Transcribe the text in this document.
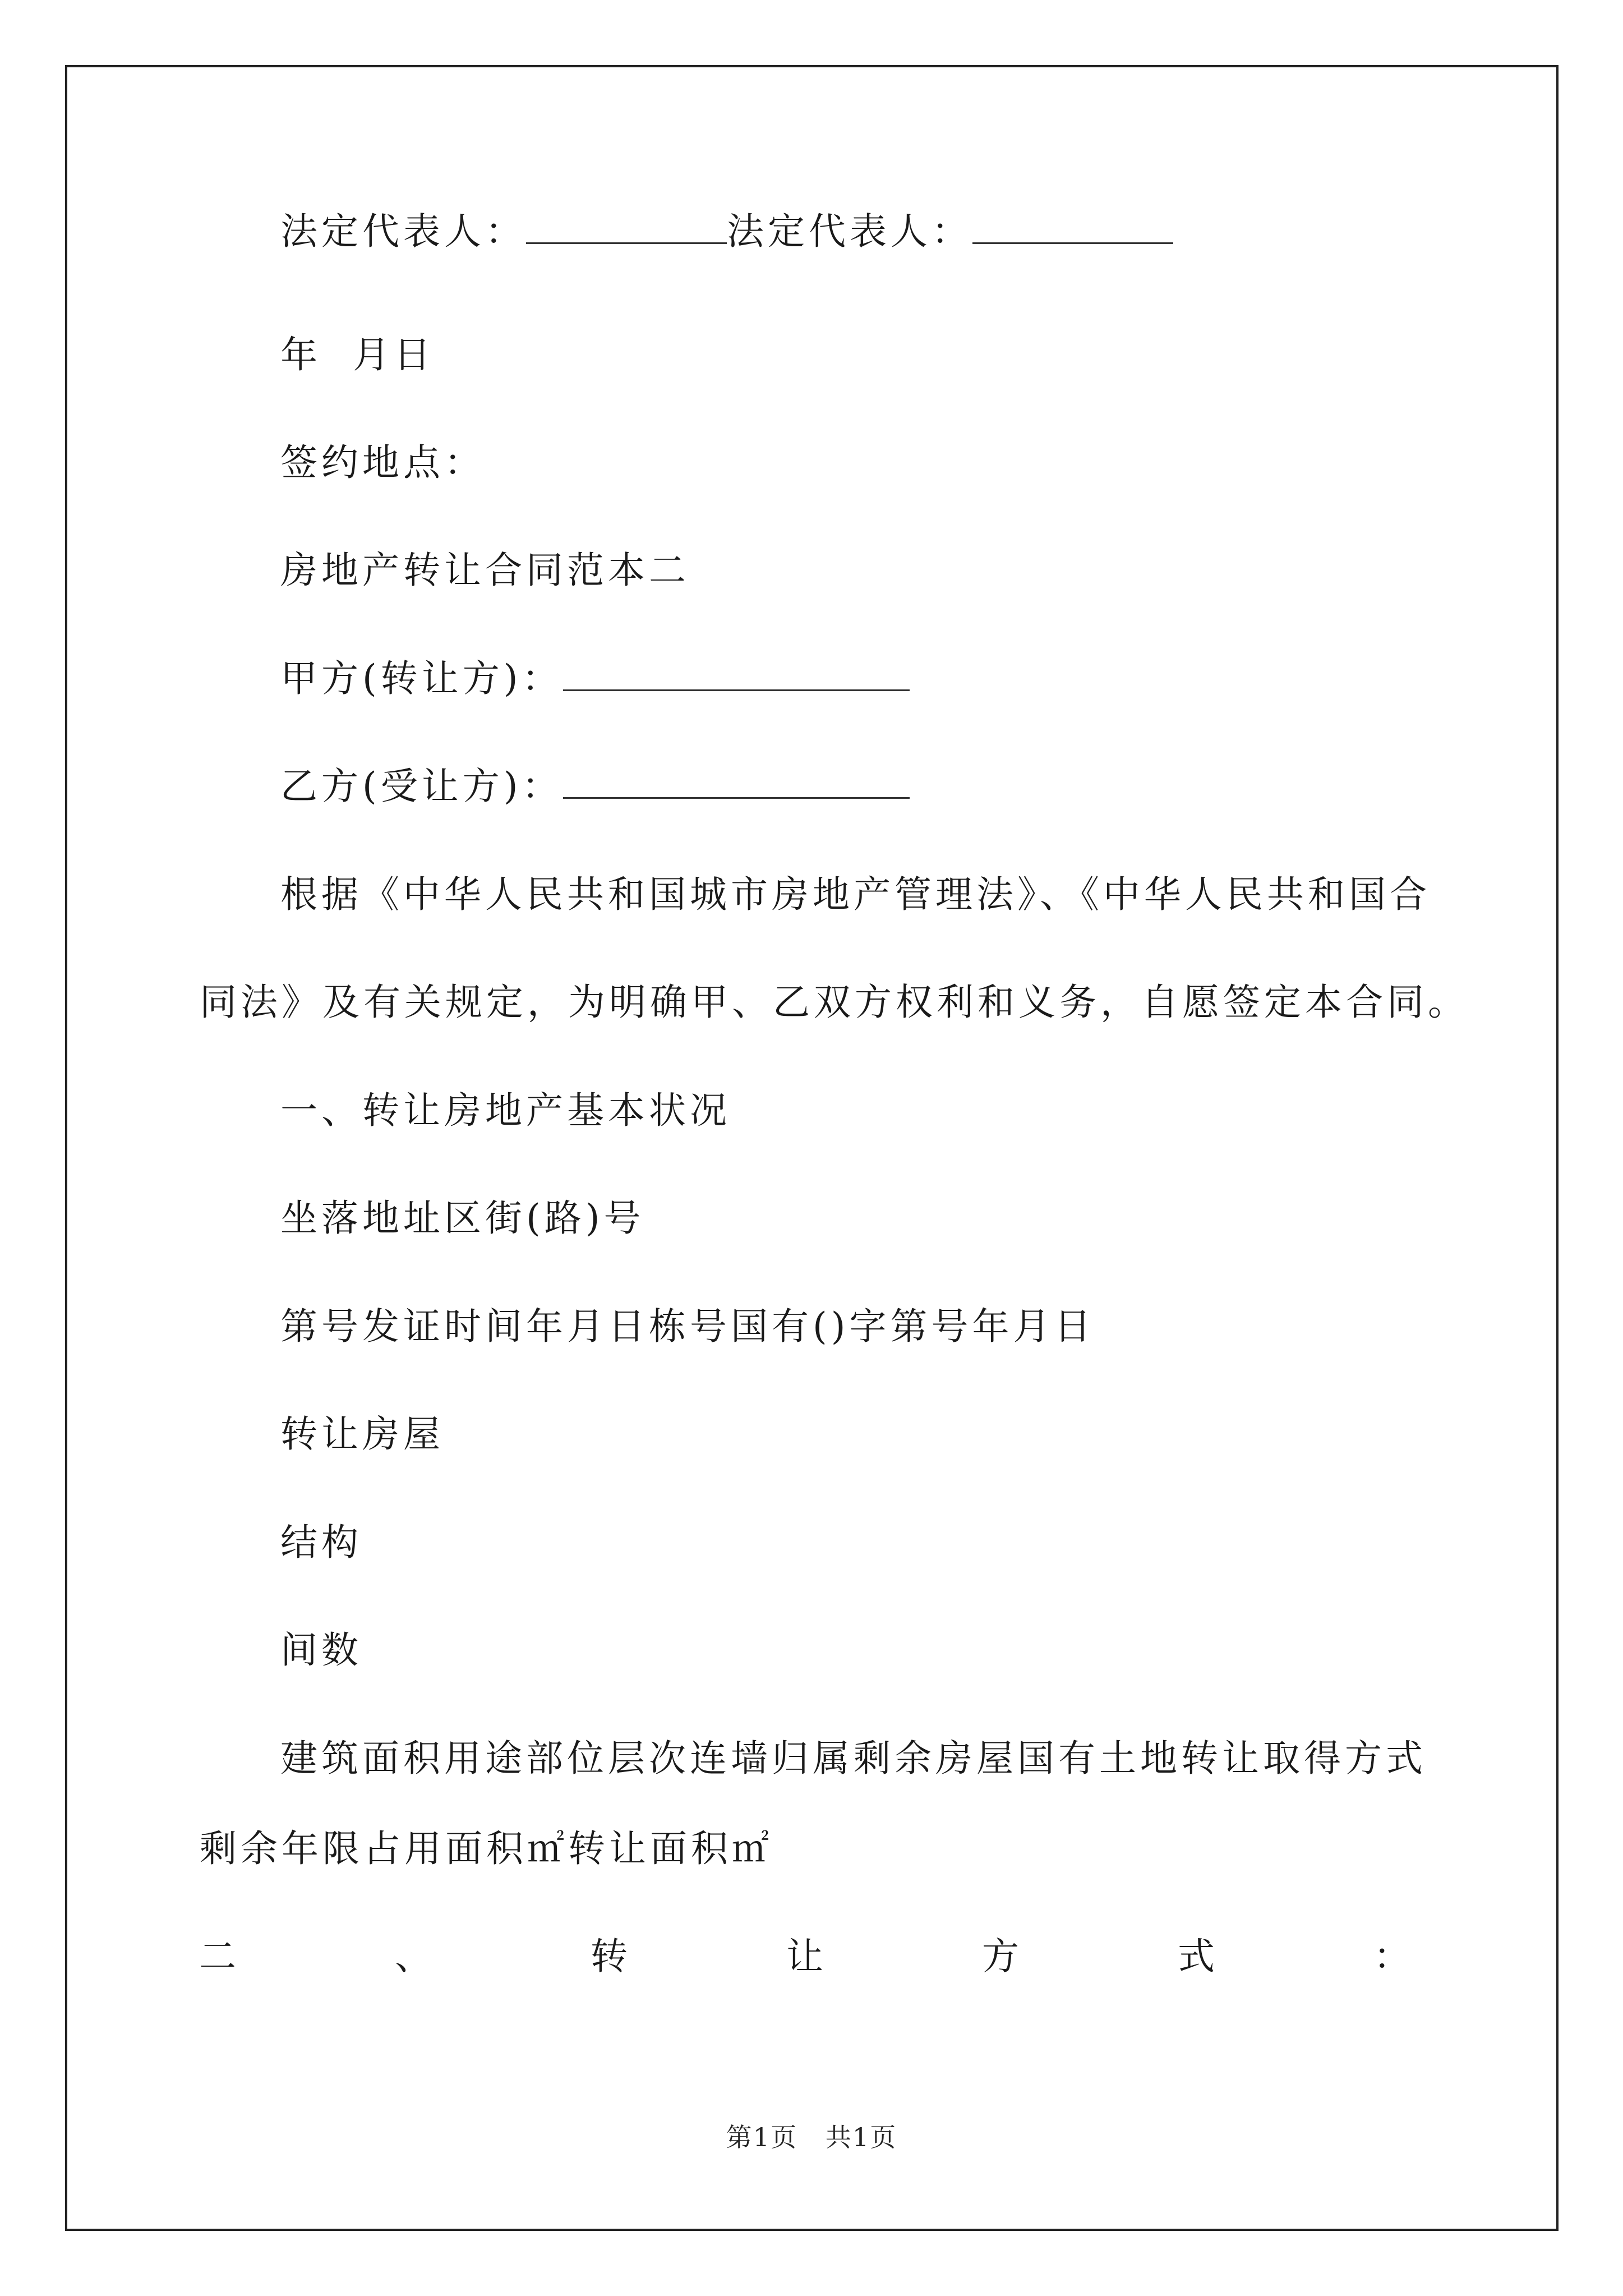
法定代表人：	法定代表人：
年  月日
签约地点：
房地产转让合同范本二
甲方(转让方)：
乙方(受让方)：
根据《中华人民共和国城市房地产管理法》、《中华人民共和国合
同法》及有关规定，为明确甲、乙双方权利和义务，自愿签定本合同。
一、转让房地产基本状况
坐落地址区街(路)号
第号发证时间年月日栋号国有()字第号年月日
转让房屋
结构
间数
建筑面积用途部位层次连墙归属剩余房屋国有土地转让取得方式
剩余年限占用面积㎡转让面积㎡
二	、	转	让	方	式	：
第1页   共1页
